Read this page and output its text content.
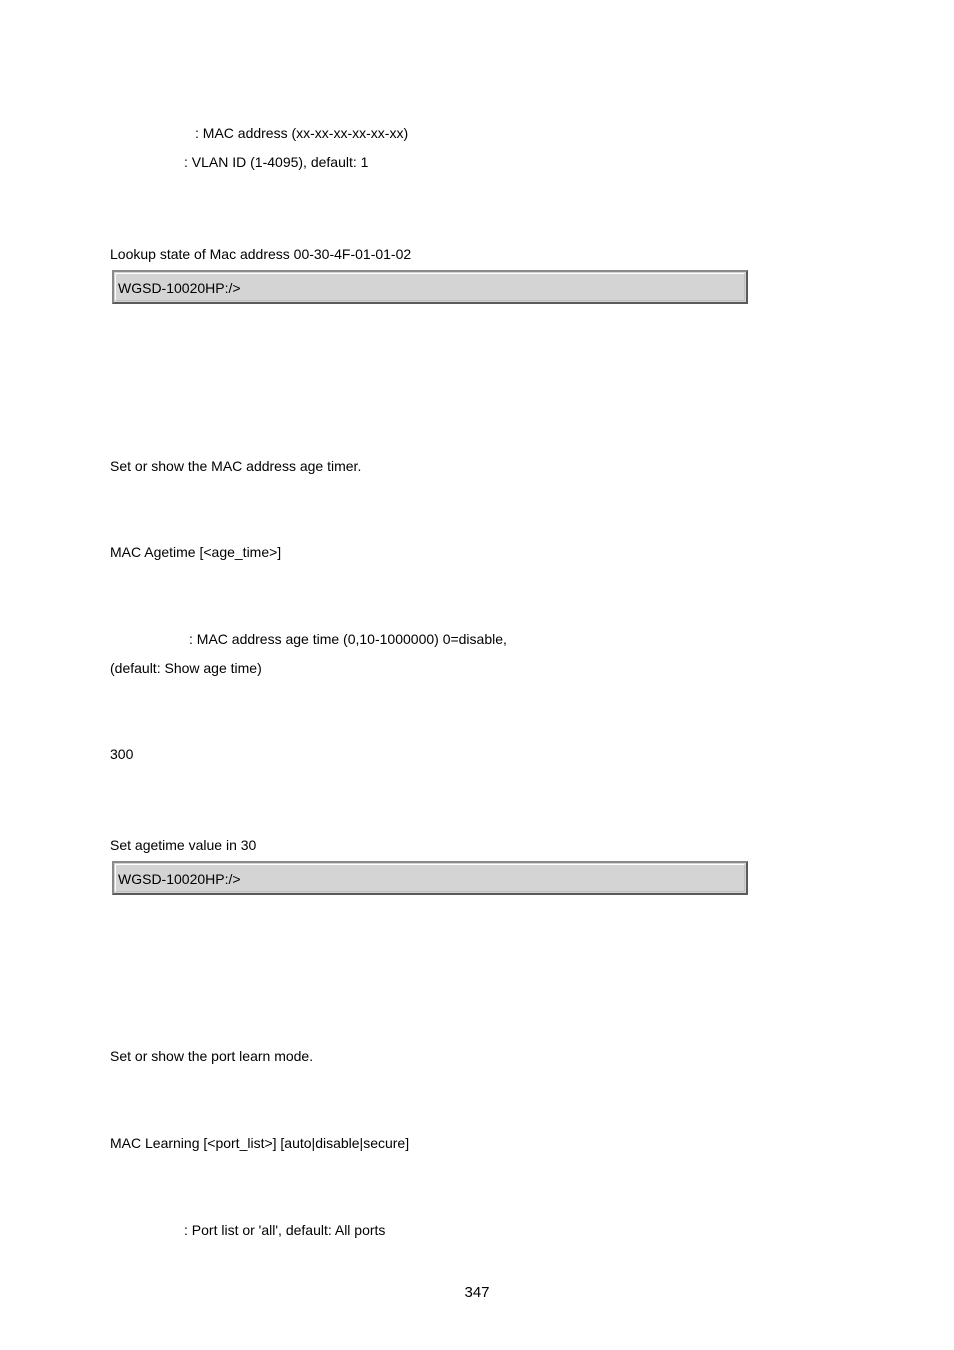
: MAC address (xx-xx-xx-xx-xx-xx)
: VLAN ID (1-4095), default: 1
Lookup state of Mac address 00-30-4F-01-01-02
WGSD-10020HP:/>
Set or show the MAC address age timer.
MAC Agetime [<age_time>]
: MAC address age time (0,10-1000000) 0=disable,
(default: Show age time)
300
Set agetime value in 30
WGSD-10020HP:/>
Set or show the port learn mode.
MAC Learning [<port_list>] [auto|disable|secure]
: Port list or 'all', default: All ports
347
